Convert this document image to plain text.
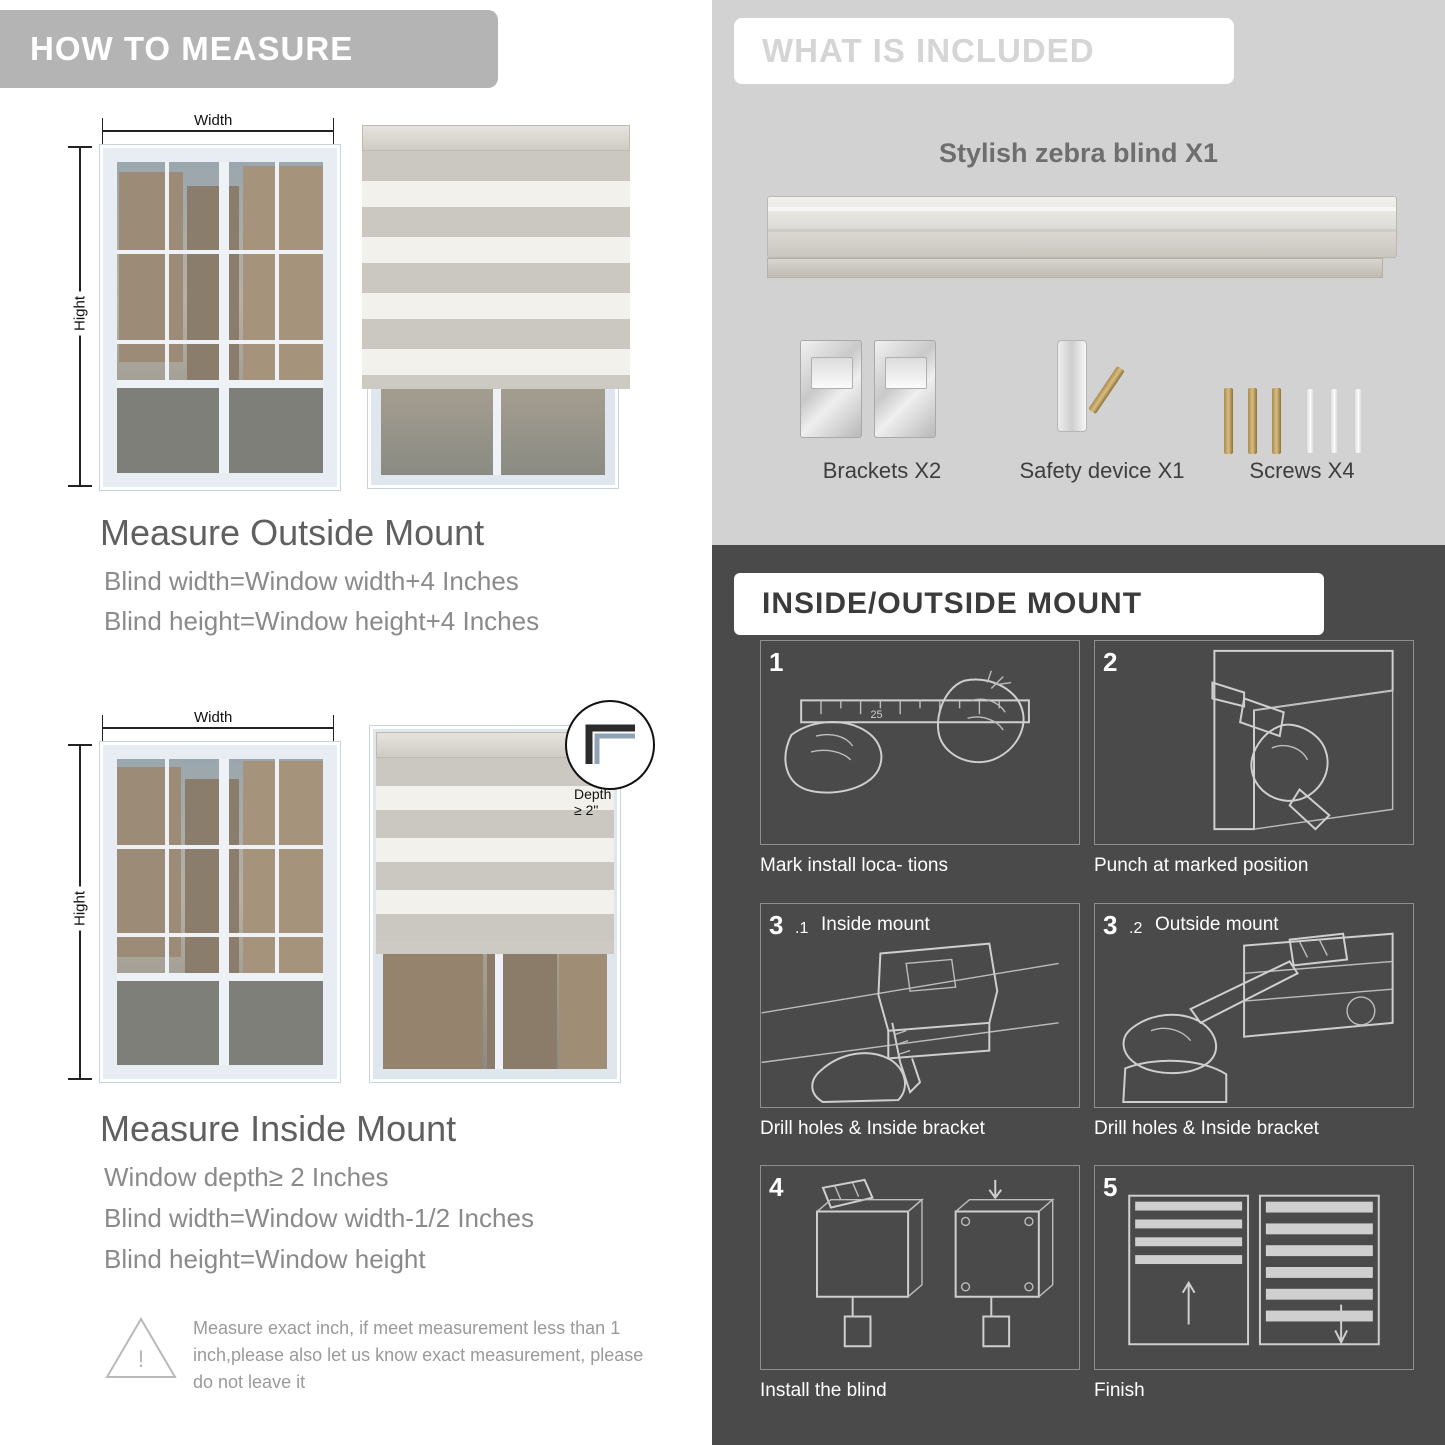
HOW TO MEASURE
Width
Hight
Measure Outside Mount
Blind width=Window width+4 Inches
Blind height=Window height+4 Inches
Width
Hight
Depth ≥ 2"
Measure Inside Mount
Window depth≥ 2 Inches
Blind width=Window width-1/2 Inches
Blind height=Window height
!
Measure exact inch, if meet measurement less than 1 inch,please also let us know exact measurement, please do not leave it
WHAT IS INCLUDED
Stylish zebra blind X1
Brackets X2	Safety device X1	Screws X4
INSIDE/OUTSIDE MOUNT
1
25
Mark install loca- tions
2
Punch at marked position
3 .1 Inside mount
Drill holes & Inside bracket
3 .2 Outside mount
Drill holes & Inside bracket
4
Install the blind
5
Finish
